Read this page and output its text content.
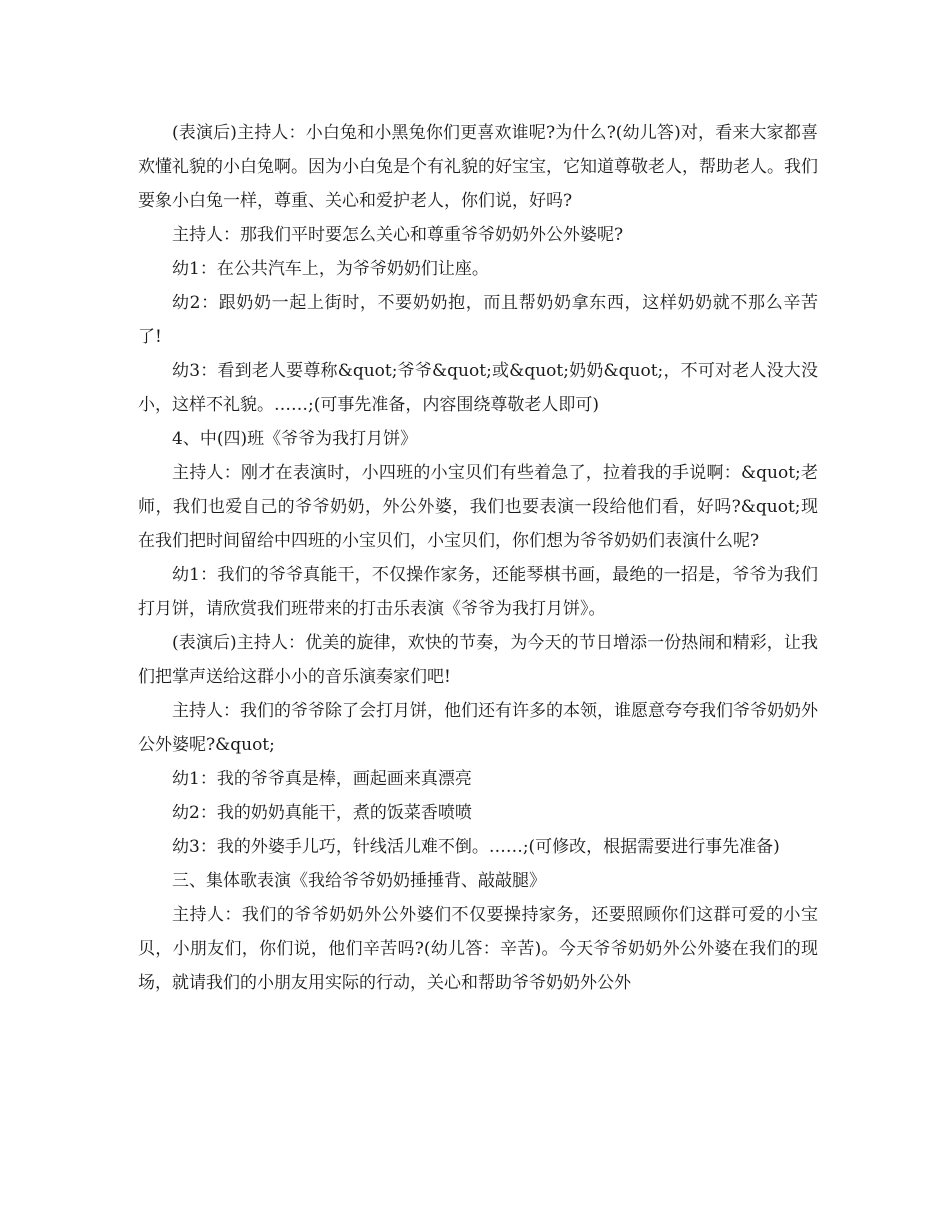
(表演后)主持人：小白兔和小黑兔你们更喜欢谁呢?为什么?(幼儿答)对，看来大家都喜欢懂礼貌的小白兔啊。因为小白兔是个有礼貌的好宝宝，它知道尊敬老人，帮助老人。我们要象小白兔一样，尊重、关心和爱护老人，你们说，好吗?

主持人：那我们平时要怎么关心和尊重爷爷奶奶外公外婆呢?

幼1：在公共汽车上，为爷爷奶奶们让座。

幼2：跟奶奶一起上街时，不要奶奶抱，而且帮奶奶拿东西，这样奶奶就不那么辛苦了!

幼3：看到老人要尊称&quot;爷爷&quot;或&quot;奶奶&quot;，不可对老人没大没小，这样不礼貌。……;(可事先准备，内容围绕尊敬老人即可)

4、中(四)班《爷爷为我打月饼》

主持人：刚才在表演时，小四班的小宝贝们有些着急了，拉着我的手说啊：&quot;老师，我们也爱自己的爷爷奶奶，外公外婆，我们也要表演一段给他们看，好吗?&quot;现在我们把时间留给中四班的小宝贝们，小宝贝们，你们想为爷爷奶奶们表演什么呢?

幼1：我们的爷爷真能干，不仅操作家务，还能琴棋书画，最绝的一招是，爷爷为我们打月饼，请欣赏我们班带来的打击乐表演《爷爷为我打月饼》。

(表演后)主持人：优美的旋律，欢快的节奏，为今天的节日增添一份热闹和精彩，让我们把掌声送给这群小小的音乐演奏家们吧!

主持人：我们的爷爷除了会打月饼，他们还有许多的本领，谁愿意夸夸我们爷爷奶奶外公外婆呢?&quot;

幼1：我的爷爷真是棒，画起画来真漂亮

幼2：我的奶奶真能干，煮的饭菜香喷喷

幼3：我的外婆手儿巧，针线活儿难不倒。……;(可修改，根据需要进行事先准备)

三、集体歌表演《我给爷爷奶奶捶捶背、敲敲腿》

主持人：我们的爷爷奶奶外公外婆们不仅要操持家务，还要照顾你们这群可爱的小宝贝，小朋友们，你们说，他们辛苦吗?(幼儿答：辛苦)。今天爷爷奶奶外公外婆在我们的现场，就请我们的小朋友用实际的行动，关心和帮助爷爷奶奶外公外
